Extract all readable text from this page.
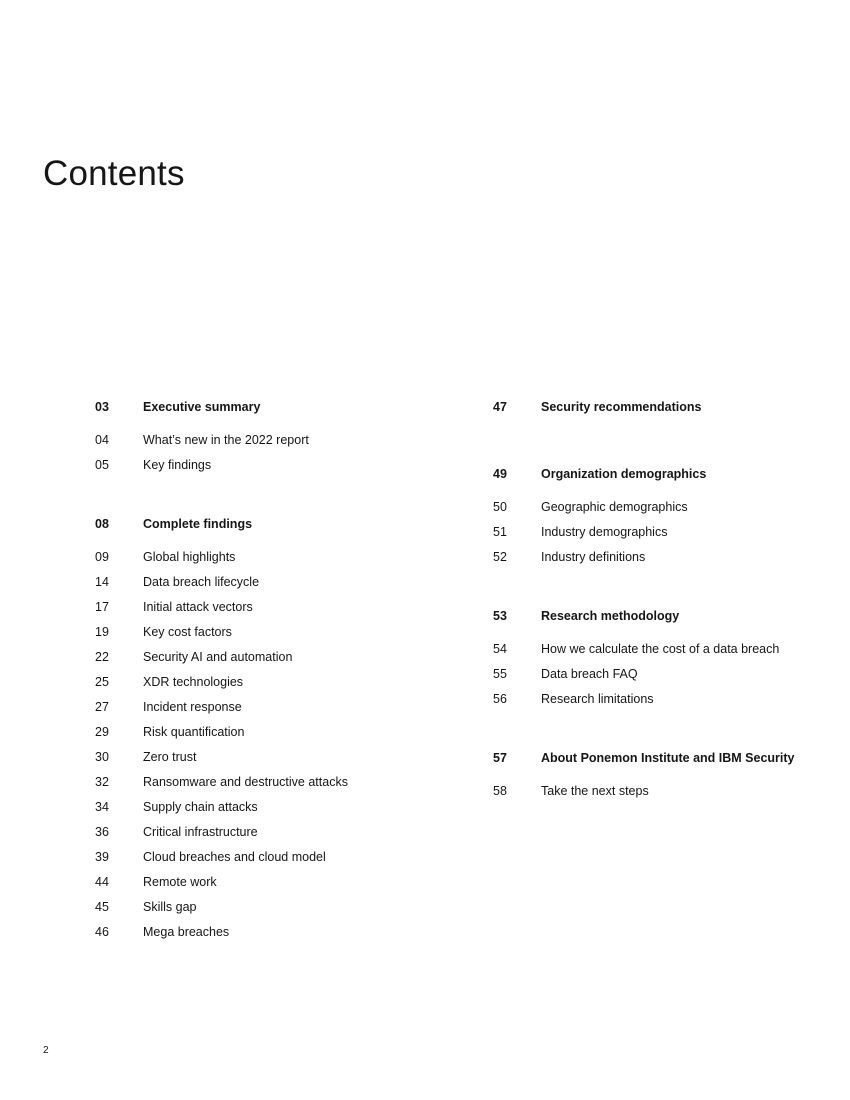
Contents
03	Executive summary
04	What’s new in the 2022 report
05	Key findings
08	Complete findings
09	Global highlights
14	Data breach lifecycle
17	Initial attack vectors
19	Key cost factors
22	Security AI and automation
25	XDR technologies
27	Incident response
29	Risk quantification
30	Zero trust
32	Ransomware and destructive attacks
34	Supply chain attacks
36	Critical infrastructure
39	Cloud breaches and cloud model
44	Remote work
45	Skills gap
46	Mega breaches
47	Security recommendations
49	Organization demographics
50	Geographic demographics
51	Industry demographics
52	Industry definitions
53	Research methodology
54	How we calculate the cost of a data breach
55	Data breach FAQ
56	Research limitations
57	About Ponemon Institute and IBM Security
58	Take the next steps
2
